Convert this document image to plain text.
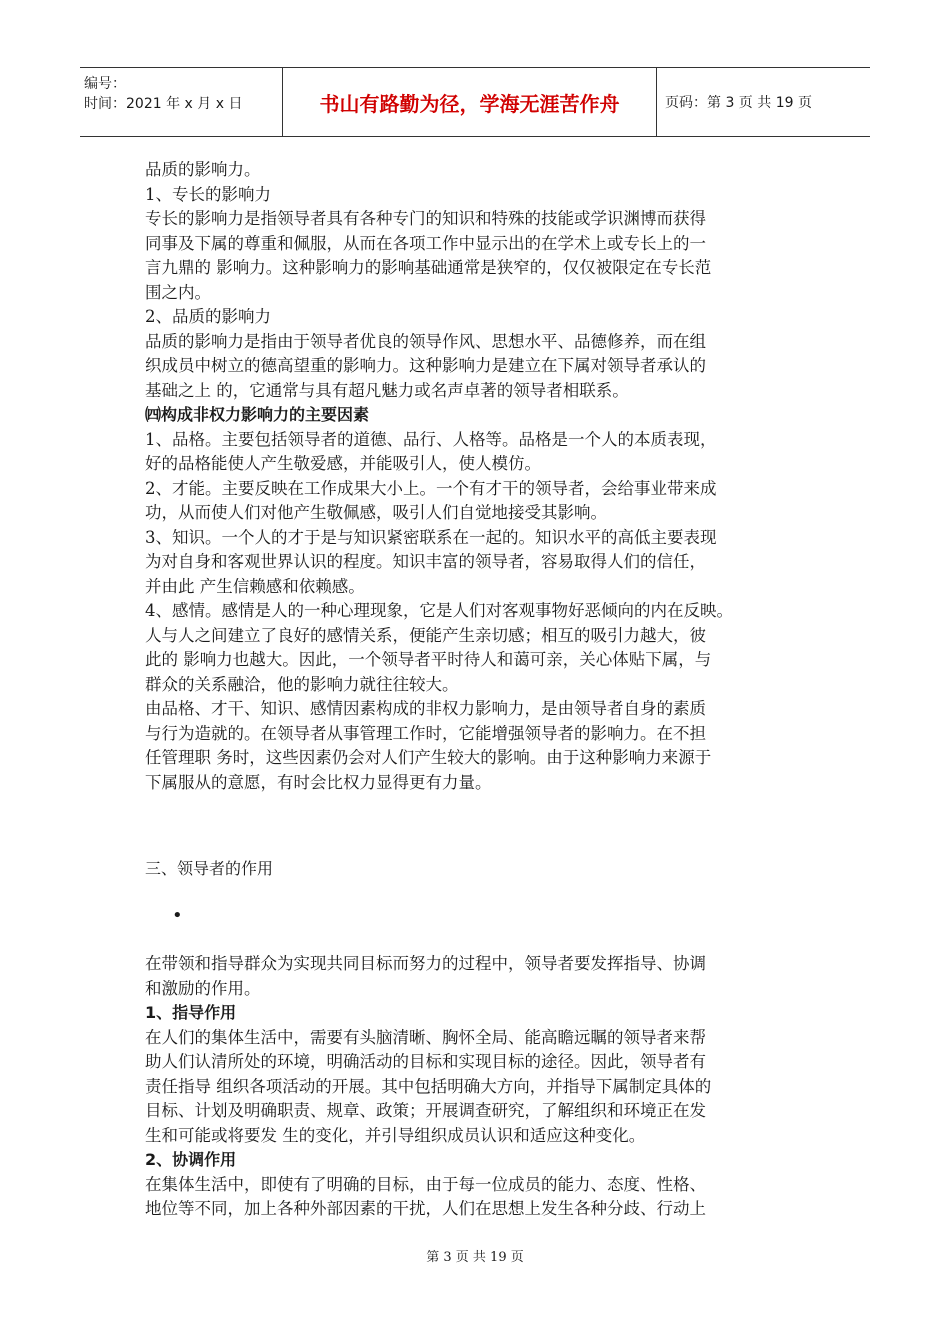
编号：
时间：2021 年 x 月 x 日	书山有路勤为径，学海无涯苦作舟	页码：第 3 页 共 19 页

品质的影响力。

1、专长的影响力

专长的影响力是指领导者具有各种专门的知识和特殊的技能或学识渊博而获得

同事及下属的尊重和佩服，从而在各项工作中显示出的在学术上或专长上的一

言九鼎的 影响力。这种影响力的影响基础通常是狭窄的，仅仅被限定在专长范

围之内。

2、品质的影响力

品质的影响力是指由于领导者优良的领导作风、思想水平、品德修养，而在组

织成员中树立的德高望重的影响力。这种影响力是建立在下属对领导者承认的

基础之上 的，它通常与具有超凡魅力或名声卓著的领导者相联系。

㈣构成非权力影响力的主要因素

1、品格。主要包括领导者的道德、品行、人格等。品格是一个人的本质表现，

好的品格能使人产生敬爱感，并能吸引人，使人模仿。

2、才能。主要反映在工作成果大小上。一个有才干的领导者，会给事业带来成

功，从而使人们对他产生敬佩感，吸引人们自觉地接受其影响。

3、知识。一个人的才于是与知识紧密联系在一起的。知识水平的高低主要表现

为对自身和客观世界认识的程度。知识丰富的领导者，容易取得人们的信任，

并由此 产生信赖感和依赖感。

4、感情。感情是人的一种心理现象，它是人们对客观事物好恶倾向的内在反映。

人与人之间建立了良好的感情关系，便能产生亲切感；相互的吸引力越大，彼

此的 影响力也越大。因此，一个领导者平时待人和蔼可亲，关心体贴下属，与

群众的关系融洽，他的影响力就往往较大。

由品格、才干、知识、感情因素构成的非权力影响力，是由领导者自身的素质

与行为造就的。在领导者从事管理工作时，它能增强领导者的影响力。在不担

任管理职 务时，这些因素仍会对人们产生较大的影响。由于这种影响力来源于

下属服从的意愿，有时会比权力显得更有力量。

三、领导者的作用

•

在带领和指导群众为实现共同目标而努力的过程中，领导者要发挥指导、协调

和激励的作用。

1、指导作用

在人们的集体生活中，需要有头脑清晰、胸怀全局、能高瞻远瞩的领导者来帮

助人们认清所处的环境，明确活动的目标和实现目标的途径。因此，领导者有

责任指导 组织各项活动的开展。其中包括明确大方向，并指导下属制定具体的

目标、计划及明确职责、规章、政策；开展调查研究，了解组织和环境正在发

生和可能或将要发 生的变化，并引导组织成员认识和适应这种变化。

2、协调作用

在集体生活中，即使有了明确的目标，由于每一位成员的能力、态度、性格、

地位等不同，加上各种外部因素的干扰，人们在思想上发生各种分歧、行动上

第 3 页 共 19 页
